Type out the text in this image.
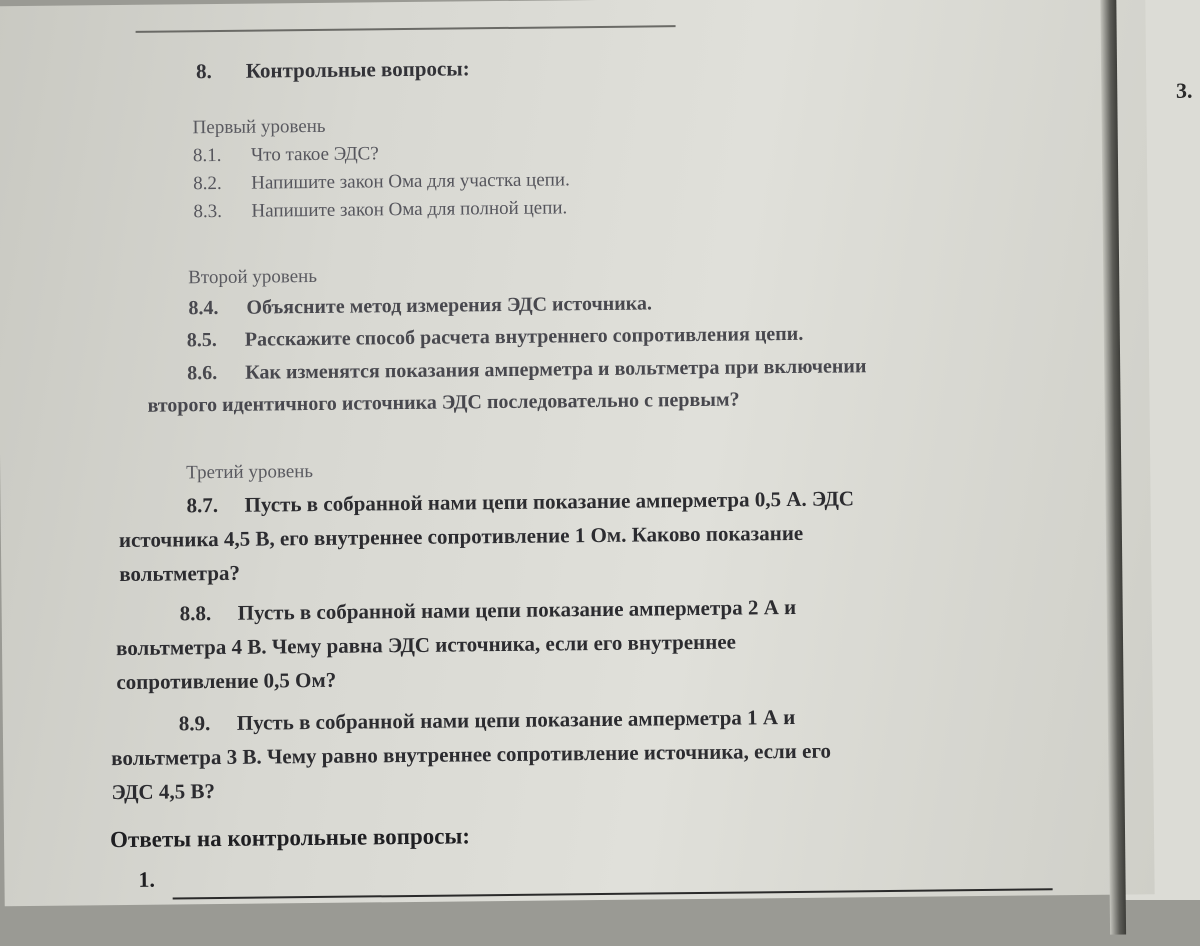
3.
8. Контрольные вопросы:
Первый уровень
8.1. Что такое ЭДС?
8.2. Напишите закон Ома для участка цепи.
8.3. Напишите закон Ома для полной цепи.
Второй уровень
8.4. Объясните метод измерения ЭДС источника.
8.5. Расскажите способ расчета внутреннего сопротивления цепи.
8.6. Как изменятся показания амперметра и вольтметра при включении
второго идентичного источника ЭДС последовательно с первым?
Третий уровень
8.7. Пусть в собранной нами цепи показание амперметра 0,5 А. ЭДС
источника 4,5 В, его внутреннее сопротивление 1 Ом. Каково показание
вольтметра?
8.8. Пусть в собранной нами цепи показание амперметра 2 А и
вольтметра 4 В. Чему равна ЭДС источника, если его внутреннее
сопротивление 0,5 Ом?
8.9. Пусть в собранной нами цепи показание амперметра 1 А и
вольтметра 3 В. Чему равно внутреннее сопротивление источника, если его
ЭДС 4,5 В?
Ответы на контрольные вопросы:
1.
